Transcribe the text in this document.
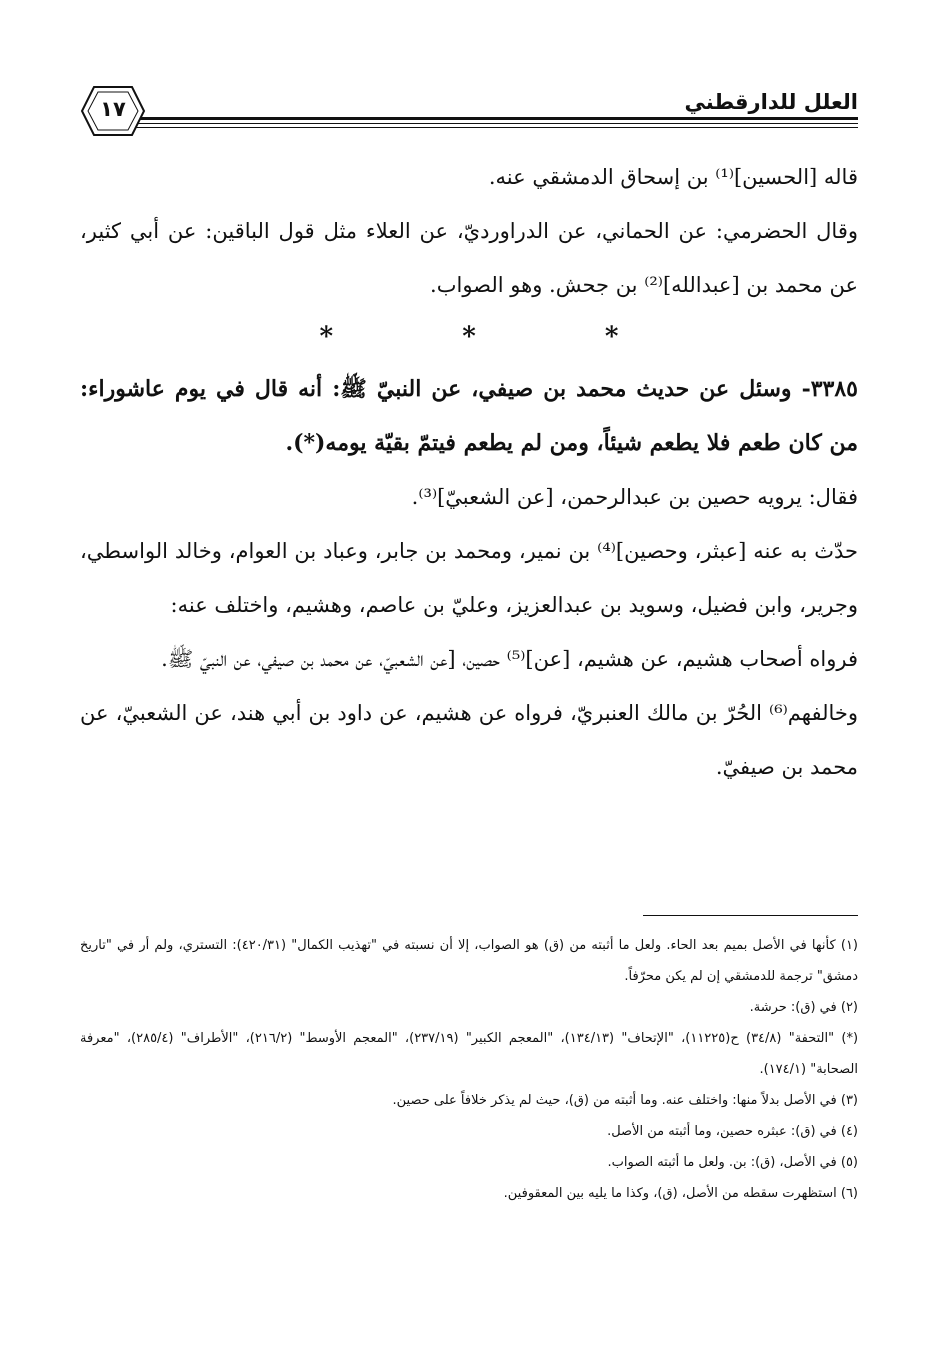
العلل للدارقطني
١٧

قاله [الحسين]⁽¹⁾ بن إسحاق الدمشقي عنه.

وقال الحضرمي: عن الحماني، عن الدراورديّ، عن العلاء مثل قول الباقين: عن أبي كثير، عن محمد بن [عبدالله]⁽²⁾ بن جحش. وهو الصواب.

* * *

٣٣٨٥- وسئل عن حديث محمد بن صيفي، عن النبيّ ﷺ: أنه قال في يوم عاشوراء: من كان طعم فلا يطعم شيئاً، ومن لم يطعم فيتمّ بقيّة يومه(*).

فقال: يرويه حصين بن عبدالرحمن، [عن الشعبيّ]⁽³⁾.

حدّث به عنه [عبثر، وحصين]⁽⁴⁾ بن نمير، ومحمد بن جابر، وعباد بن العوام، وخالد الواسطي، وجرير، وابن فضيل، وسويد بن عبدالعزيز، وعليّ بن عاصم، وهشيم، واختلف عنه:

فرواه أصحاب هشيم، عن هشيم، [عن]⁽⁵⁾ حصين، [عن الشعبيّ، عن محمد بن صيفي، عن النبيّ ﷺ.

وخالفهم⁽⁶⁾ الحُرّ بن مالك العنبريّ، فرواه عن هشيم، عن داود بن أبي هند، عن الشعبيّ، عن محمد بن صيفيّ.

(١) كأنها في الأصل بميم بعد الحاء. ولعل ما أثبته من (ق) هو الصواب، إلا أن نسبته في "تهذيب الكمال" (٤٢٠/٣١): التستري، ولم أر في "تاريخ دمشق" ترجمة للدمشقي إن لم يكن محرّفاً.

(٢) في (ق): حرشة.

(*) "التحفة" (٣٤/٨) ح(١١٢٢٥)، "الإتحاف" (١٣٤/١٣)، "المعجم الكبير" (٢٣٧/١٩)، "المعجم الأوسط" (٢١٦/٢)، "الأطراف" (٢٨٥/٤)، "معرفة الصحابة" (١٧٤/١).

(٣) في الأصل بدلاً منها: واختلف عنه. وما أثبته من (ق)، حيث لم يذكر خلافاً على حصين.

(٤) في (ق): عبثره حصين، وما أثبته من الأصل.

(٥) في الأصل، (ق): بن. ولعل ما أثبته الصواب.

(٦) استظهرت سقطه من الأصل، (ق)، وكذا ما يليه بين المعقوفين.
